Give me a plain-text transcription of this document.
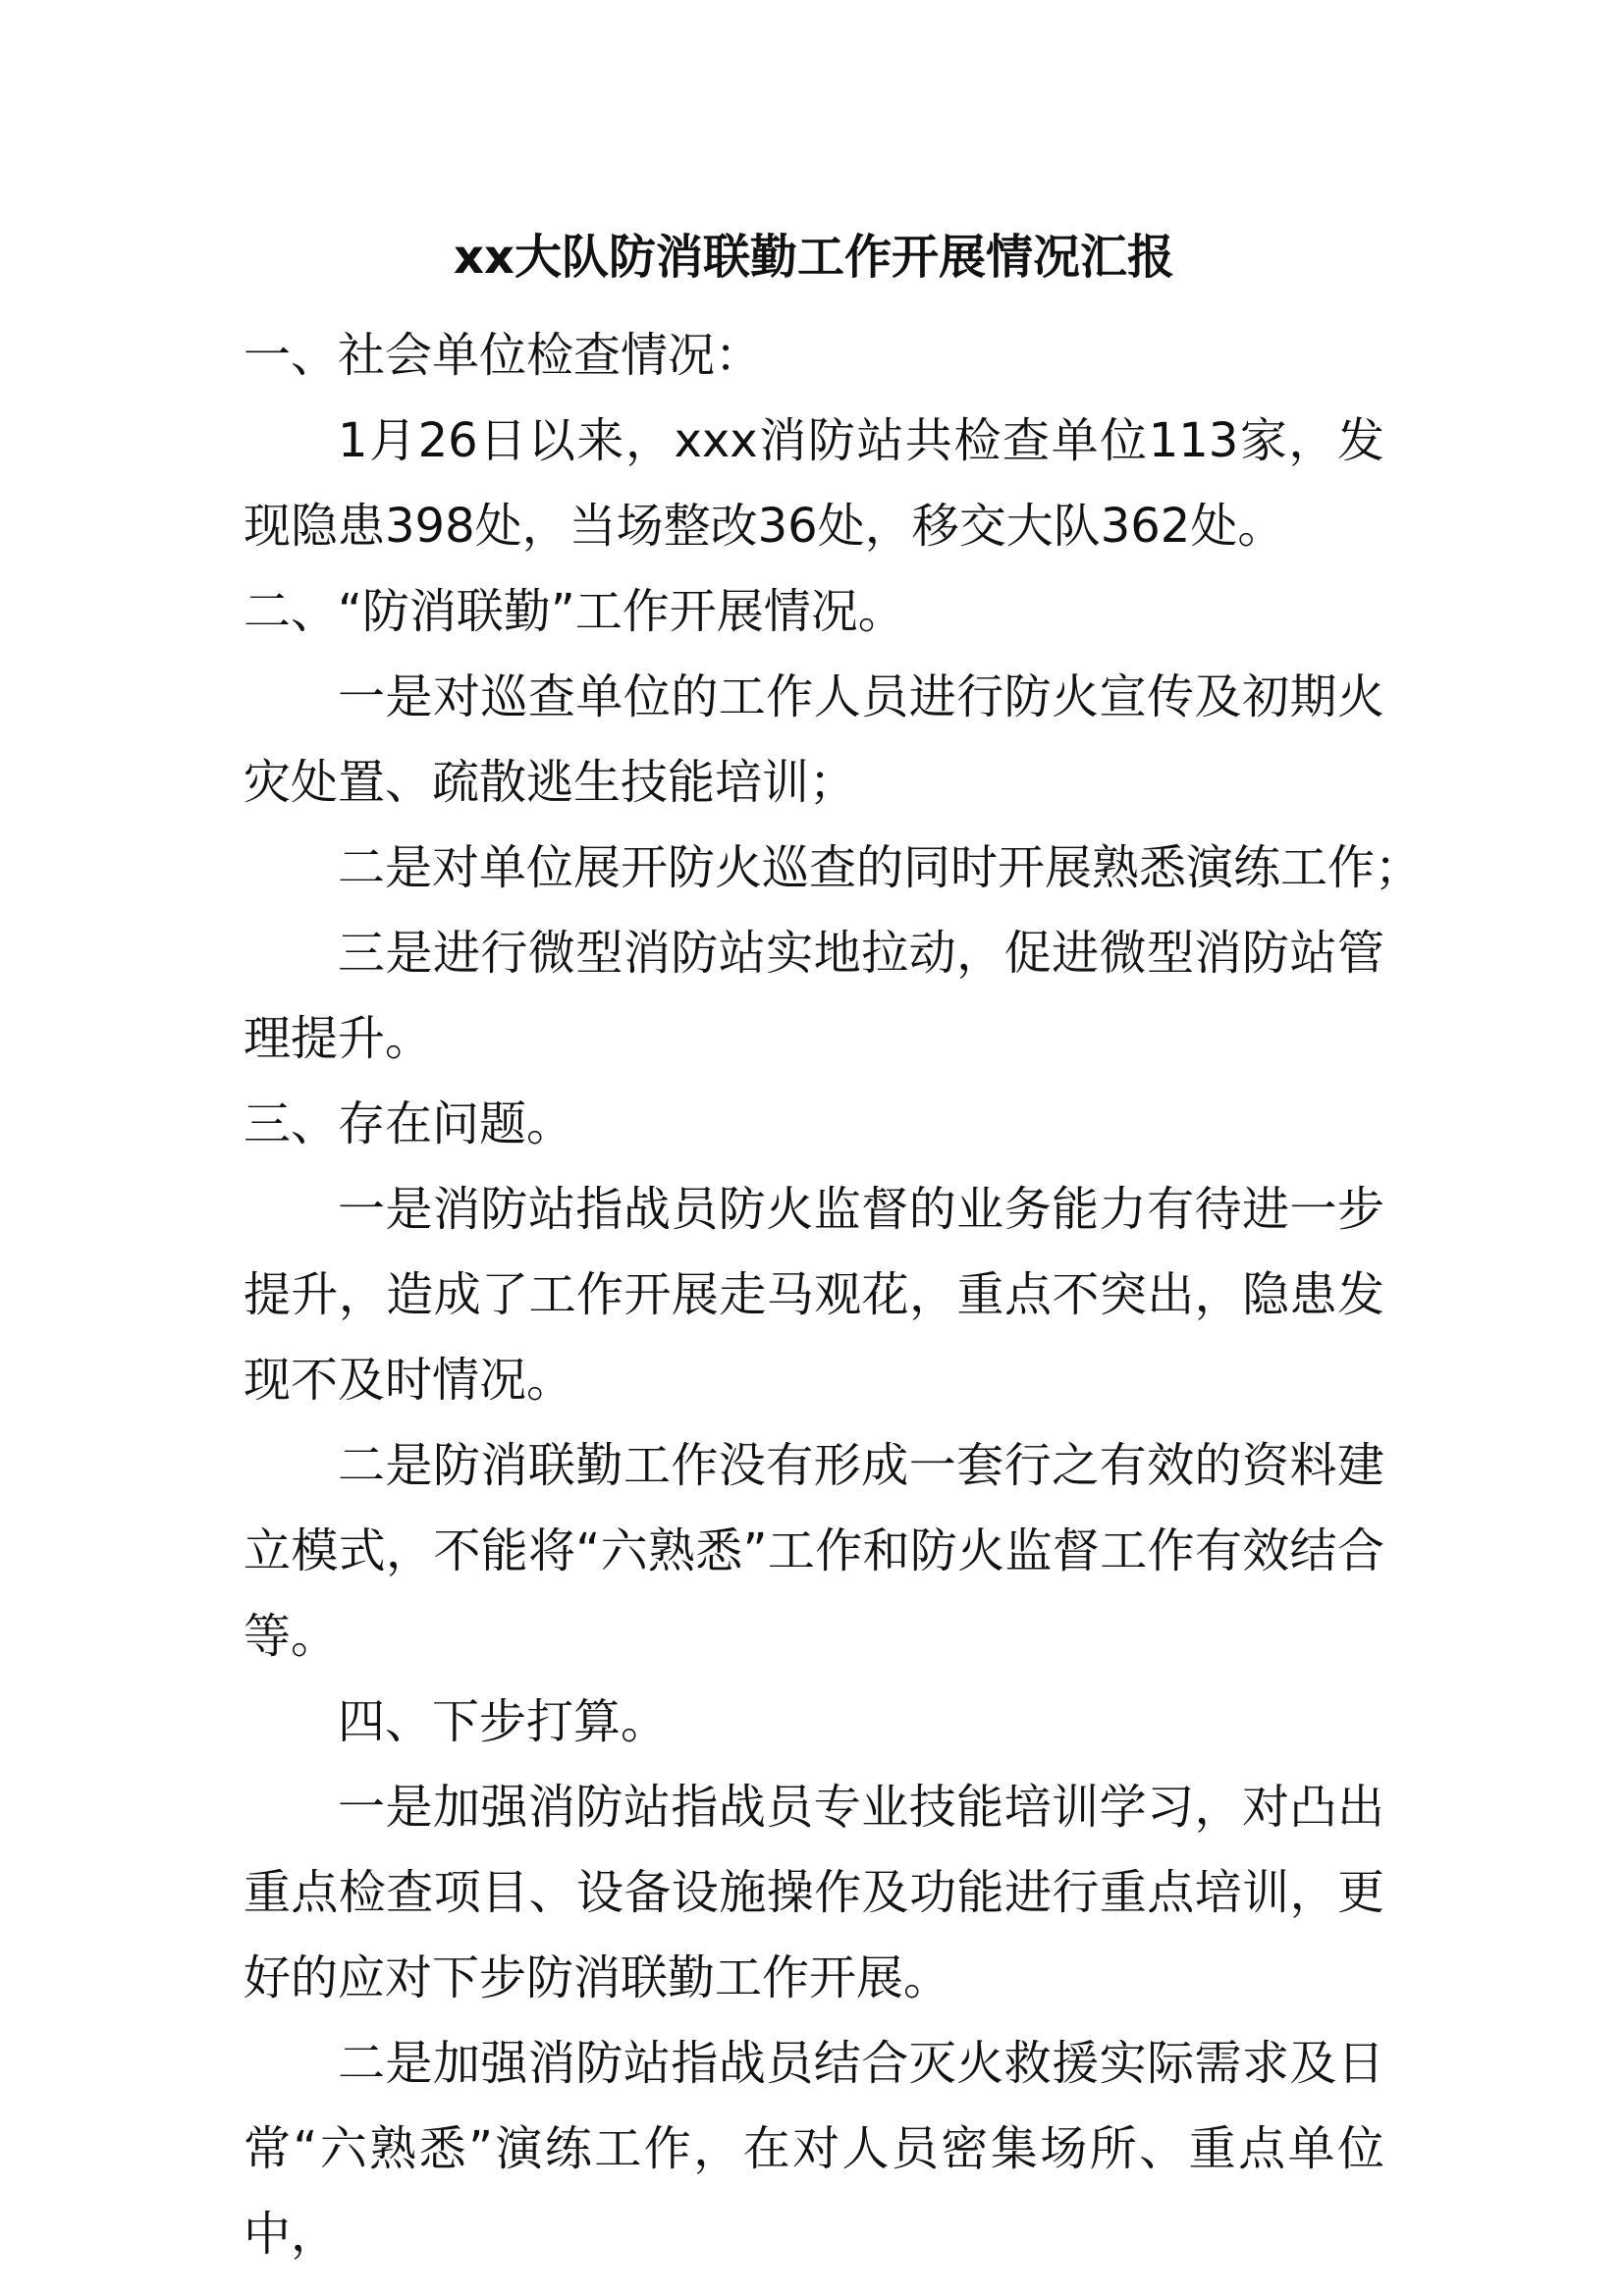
xx大队防消联勤工作开展情况汇报

一、社会单位检查情况：

1月26日以来，xxx消防站共检查单位113家，发现隐患398处，当场整改36处，移交大队362处。

二、“防消联勤”工作开展情况。

一是对巡查单位的工作人员进行防火宣传及初期火灾处置、疏散逃生技能培训；

二是对单位展开防火巡查的同时开展熟悉演练工作；

三是进行微型消防站实地拉动，促进微型消防站管理提升。

三、存在问题。

一是消防站指战员防火监督的业务能力有待进一步提升，造成了工作开展走马观花，重点不突出，隐患发现不及时情况。

二是防消联勤工作没有形成一套行之有效的资料建立模式，不能将“六熟悉”工作和防火监督工作有效结合等。

四、下步打算。

一是加强消防站指战员专业技能培训学习，对凸出重点检查项目、设备设施操作及功能进行重点培训，更好的应对下步防消联勤工作开展。

二是加强消防站指战员结合灭火救援实际需求及日常“六熟悉”演练工作，在对人员密集场所、重点单位中，
